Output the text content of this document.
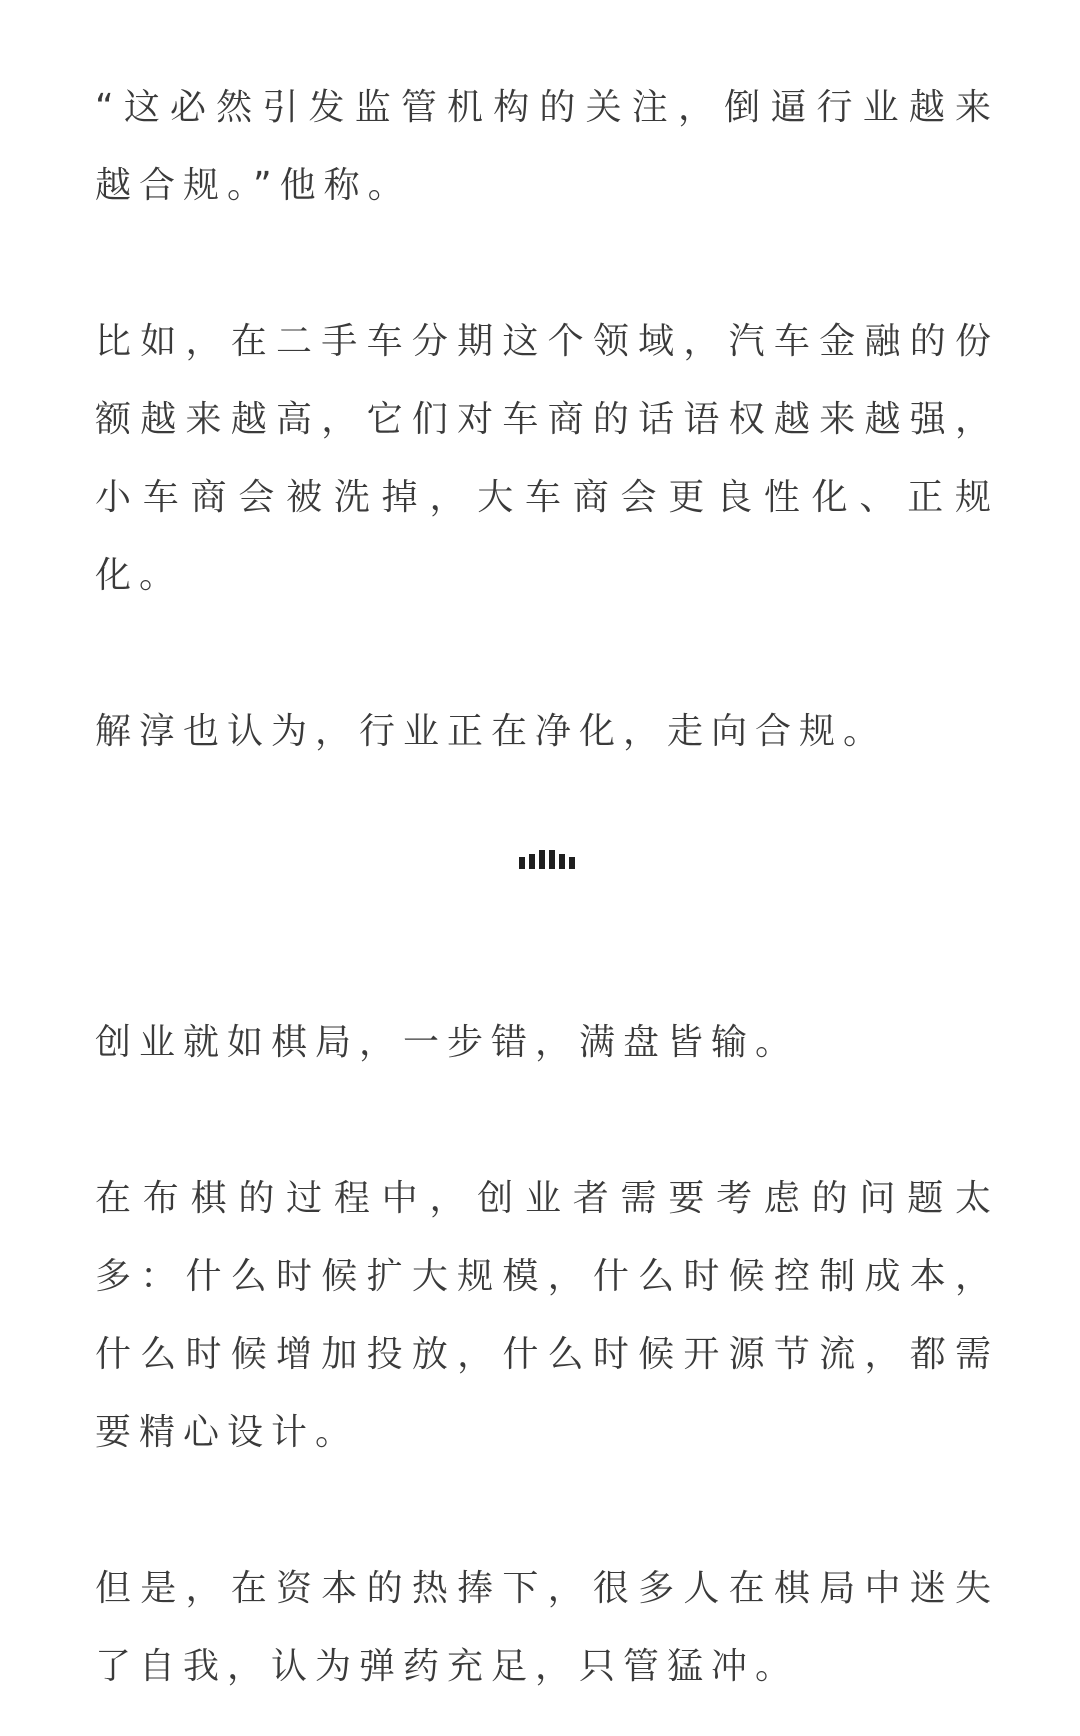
“这必然引发监管机构的关注，倒逼行业越来
越合规。”他称。

比如，在二手车分期这个领域，汽车金融的份
额越来越高，它们对车商的话语权越来越强，
小车商会被洗掉，大车商会更良性化、正规
化。

解淳也认为，行业正在净化，走向合规。

创业就如棋局，一步错，满盘皆输。

在布棋的过程中，创业者需要考虑的问题太
多：什么时候扩大规模，什么时候控制成本，
什么时候增加投放，什么时候开源节流，都需
要精心设计。

但是，在资本的热捧下，很多人在棋局中迷失
了自我，认为弹药充足，只管猛冲。
